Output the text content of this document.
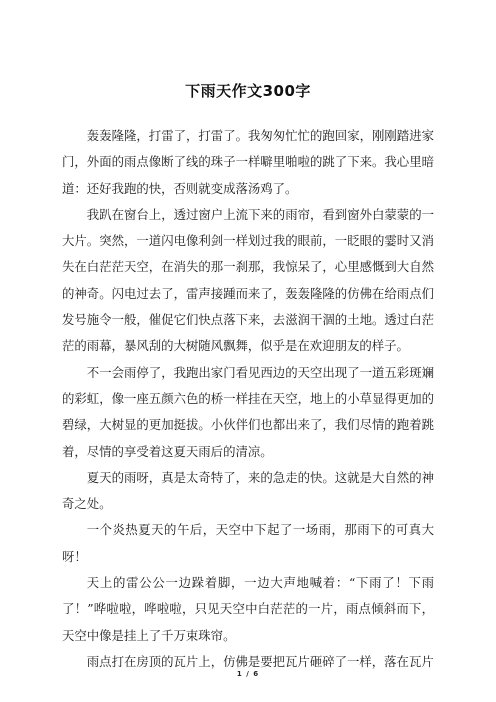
下雨天作文300字

轰轰隆隆，打雷了，打雷了。我匆匆忙忙的跑回家，刚刚踏进家门，外面的雨点像断了线的珠子一样噼里啪啦的跳了下来。我心里暗道：还好我跑的快，否则就变成落汤鸡了。

我趴在窗台上，透过窗户上流下来的雨帘，看到窗外白蒙蒙的一大片。突然，一道闪电像利剑一样划过我的眼前，一眨眼的霎时又消失在白茫茫天空，在消失的那一刹那，我惊呆了，心里感慨到大自然的神奇。闪电过去了，雷声接踵而来了，轰轰隆隆的仿佛在给雨点们发号施令一般，催促它们快点落下来，去滋润干涸的土地。透过白茫茫的雨幕，暴风刮的大树随风飘舞，似乎是在欢迎朋友的样子。

不一会雨停了，我跑出家门看见西边的天空出现了一道五彩斑斓的彩虹，像一座五颜六色的桥一样挂在天空，地上的小草显得更加的碧绿，大树显的更加挺拔。小伙伴们也都出来了，我们尽情的跑着跳着，尽情的享受着这夏天雨后的清凉。

夏天的雨呀，真是太奇特了，来的急走的快。这就是大自然的神奇之处。

一个炎热夏天的午后，天空中下起了一场雨，那雨下的可真大呀！

天上的雷公公一边跺着脚，一边大声地喊着：“下雨了！下雨了！”哗啦啦，哗啦啦，只见天空中白茫茫的一片，雨点倾斜而下，天空中像是挂上了千万束珠帘。

雨点打在房顶的瓦片上，仿佛是要把瓦片砸碎了一样，落在瓦片

1 / 6
